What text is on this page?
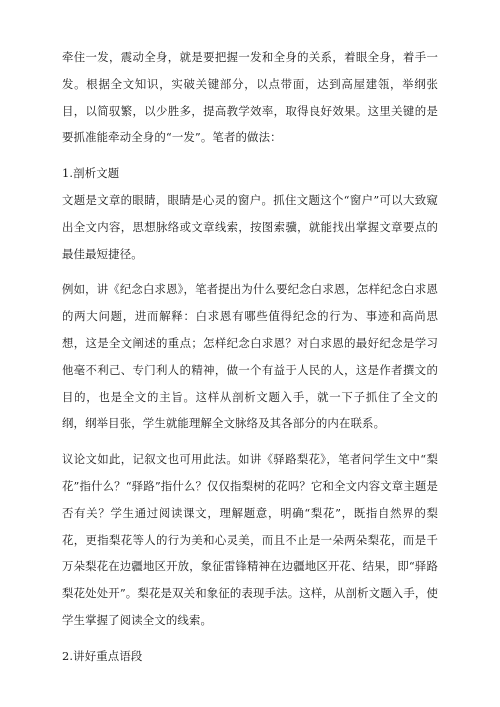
牵住一发，震动全身，就是要把握一发和全身的关系，着眼全身，着手一发。根据全文知识，实破关键部分，以点带面，达到高屋建瓴，举纲张目，以简驭繁，以少胜多，提高教学效率，取得良好效果。这里关键的是要抓准能牵动全身的“一发”。笔者的做法：

1.剖析文题

文题是文章的眼睛，眼睛是心灵的窗户。抓住文题这个“窗户”可以大致窥出全文内容，思想脉络或文章线索，按图索骥，就能找出掌握文章要点的最佳最短捷径。

例如，讲《纪念白求恩》，笔者提出为什么要纪念白求恩，怎样纪念白求恩的两大问题，进而解释：白求恩有哪些值得纪念的行为、事迹和高尚思想，这是全文阐述的重点；怎样纪念白求恩？对白求恩的最好纪念是学习他毫不利己、专门利人的精神，做一个有益于人民的人，这是作者撰文的目的，也是全文的主旨。这样从剖析文题入手，就一下子抓住了全文的纲，纲举目张，学生就能理解全文脉络及其各部分的内在联系。

议论文如此，记叙文也可用此法。如讲《驿路梨花》，笔者问学生文中“梨花”指什么？“驿路”指什么？仅仅指梨树的花吗？它和全文内容文章主题是否有关？学生通过阅读课文，理解题意，明确“梨花”，既指自然界的梨花，更指梨花等人的行为美和心灵美，而且不止是一朵两朵梨花，而是千万朵梨花在边疆地区开放，象征雷锋精神在边疆地区开花、结果，即“驿路梨花处处开”。梨花是双关和象征的表现手法。这样，从剖析文题入手，使学生掌握了阅读全文的线索。

2.讲好重点语段
